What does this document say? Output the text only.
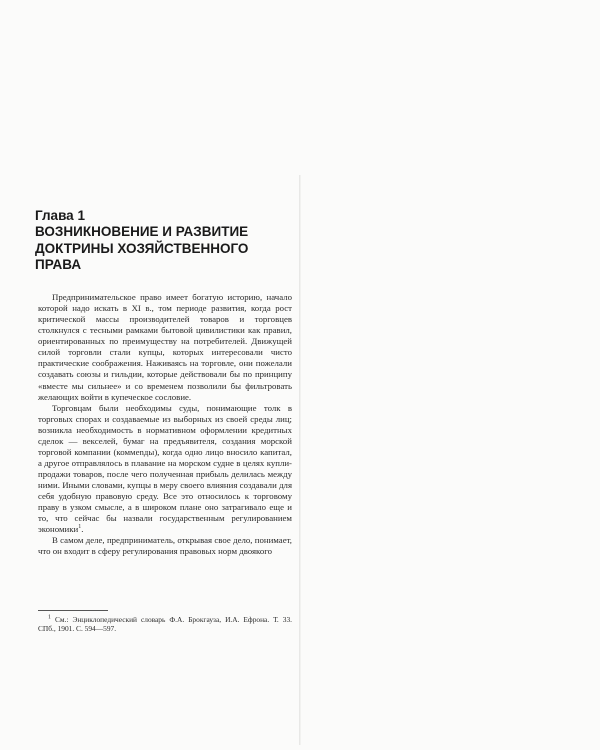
Глава 1
ВОЗНИКНОВЕНИЕ И РАЗВИТИЕ
ДОКТРИНЫ ХОЗЯЙСТВЕННОГО ПРАВА

Предпринимательское право имеет богатую историю, начало которой надо искать в XI в., том периоде развития, когда рост критической массы производителей товаров и торговцев столкнулся с тесными рамками бытовой цивилистики как правил, ориентированных по преимуществу на потребителей. Движущей силой торговли стали купцы, которых интересовали чисто практические соображения. Наживаясь на торговле, они пожелали создавать союзы и гильдии, которые действовали бы по принципу «вместе мы сильнее» и со временем позволили бы фильтровать желающих войти в купеческое сословие.

Торговцам были необходимы суды, понимающие толк в торговых спорах и создаваемые из выборных из своей среды лиц; возникла необходимость в нормативном оформлении кредитных сделок — векселей, бумаг на предъявителя, создания морской торговой компании (коммenды), когда одно лицо вносило капитал, а другое отправлялось в плавание на морском судне в целях купли-продажи товаров, после чего полученная прибыль делилась между ними. Иными словами, купцы в меру своего влияния создавали для себя удобную правовую среду. Все это относилось к торговому праву в узком смысле, а в широком плане оно затрагивало еще и то, что сейчас бы назвали государственным регулированием экономики$^1$.

В самом деле, предприниматель, открывая свое дело, понимает, что он входит в сферу регулирования правовых норм двоякого

$^1$ См.: Энциклопедический словарь Ф.А. Брокгауза, И.А. Ефрона. Т. 33. СПб., 1901. С. 594—597.
